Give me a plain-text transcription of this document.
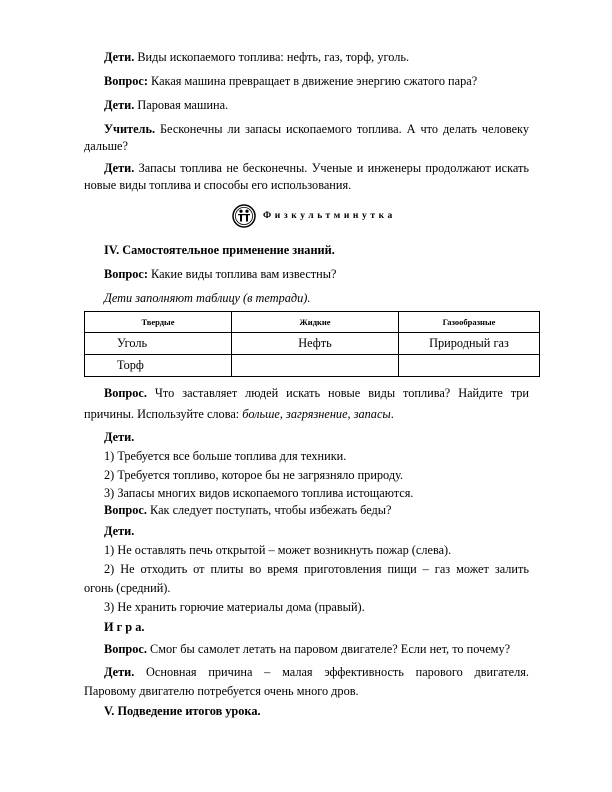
Дети. Виды ископаемого топлива: нефть, газ, торф, уголь.
Вопрос: Какая машина превращает в движение энергию сжатого пара?
Дети. Паровая машина.
Учитель. Бесконечны ли запасы ископаемого топлива. А что делать человеку
дальше?
Дети. Запасы топлива не бесконечны. Ученые и инженеры продолжают искать
новые виды топлива и способы его использования.
Физкультминутка
IV. Самостоятельное применение знаний.
Вопрос: Какие виды топлива вам известны?
Дети заполняют таблицу (в тетради).
Твердые	Жидкие	Газообразные
Уголь	Нефть	Природный газ
Торф		
Вопрос. Что заставляет людей искать новые виды топлива? Найдите три
причины. Используйте слова: больше, загрязнение, запасы.
Дети.
1) Требуется все больше топлива для техники.
2) Требуется топливо, которое бы не загрязняло природу.
3) Запасы многих видов ископаемого топлива истощаются.
Вопрос. Как следует поступать, чтобы избежать беды?
Дети.
1) Не оставлять печь открытой – может возникнуть пожар (слева).
2) Не отходить от плиты во время приготовления пищи – газ может залить
огонь (средний).
3) Не хранить горючие материалы дома (правый).
И г р а.
Вопрос. Смог бы самолет летать на паровом двигателе? Если нет, то почему?
Дети. Основная причина – малая эффективность парового двигателя.
Паровому двигателю потребуется очень много дров.
V. Подведение итогов урока.
